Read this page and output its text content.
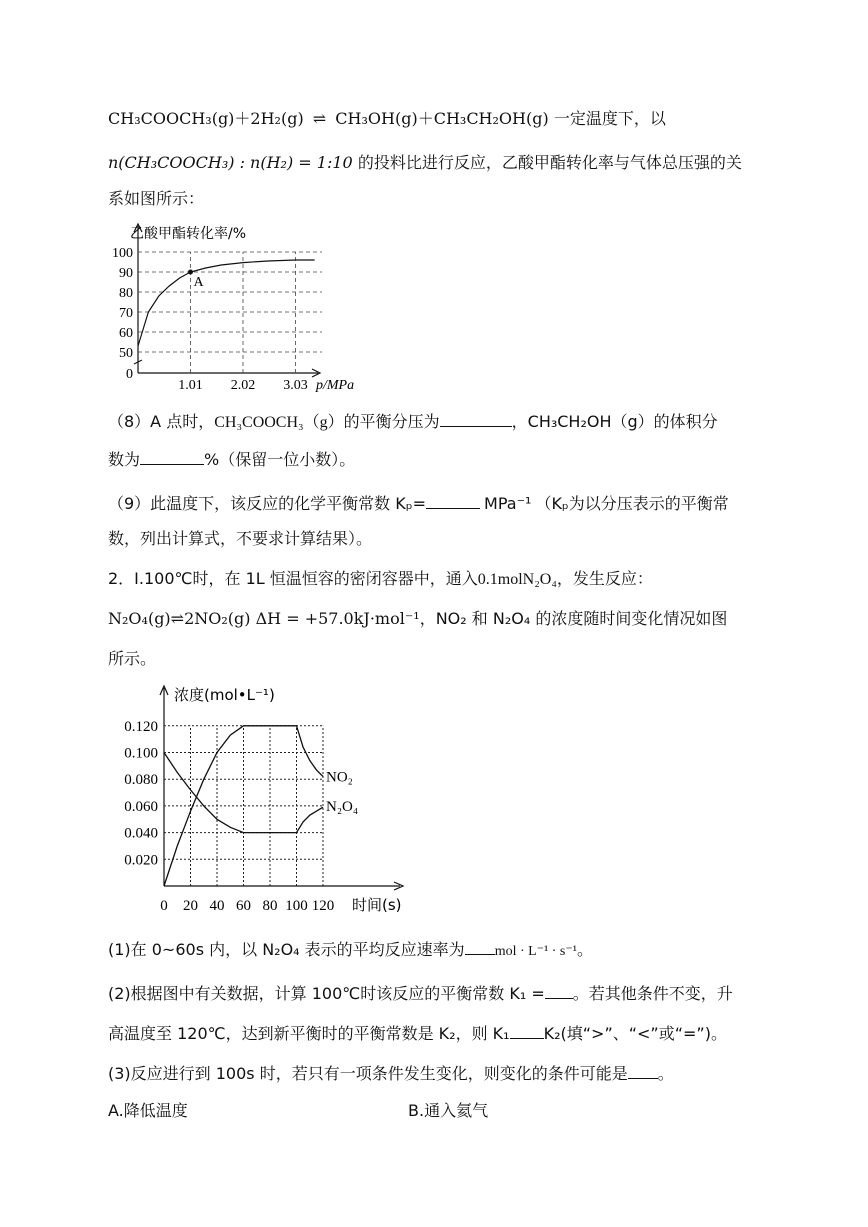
CH₃COOCH₃(g)＋2H₂(g) ⇌ CH₃OH(g)＋CH₃CH₂OH(g) 一定温度下，以
n(CH₃COOCH₃) : n(H₂) = 1:10 的投料比进行反应，乙酸甲酯转化率与气体总压强的关
系如图所示：
0
50
60
70
80
90
100
1.01 2.02 3.03
乙酸甲酯转化率/%
p/MPa
A
（8）A 点时，CH₃COOCH₃（g）的平衡分压为	，CH₃CH₂OH（g）的体积分
数为	%（保留一位小数）。
（9）此温度下，该反应的化学平衡常数 Kₚ=	MPa⁻¹ （Kₚ为以分压表示的平衡常
数，列出计算式，不要求计算结果）。
2．Ⅰ.100℃时，在 1L 恒温恒容的密闭容器中，通入0.1molN₂O₄，发生反应：
N₂O₄(g)⇌2NO₂(g) ΔH = +57.0kJ·mol⁻¹，NO₂ 和 N₂O₄ 的浓度随时间变化情况如图
所示。
0.020
0.040
0.060
0.080
0.100
0.120
0 20 40 60 80 100 120
浓度(mol•L⁻¹)
时间(s)
NO₂
N₂O₄
(1)在 0~60s 内，以 N₂O₄ 表示的平均反应速率为 mol · L⁻¹ · s⁻¹。
(2)根据图中有关数据，计算 100℃时该反应的平衡常数 K₁ = 。若其他条件不变，升
高温度至 120℃，达到新平衡时的平衡常数是 K₂，则 K₁ K₂(填“>”、“<”或“=”)。
(3)反应进行到 100s 时，若只有一项条件发生变化，则变化的条件可能是 。
A.降低温度	B.通入氦气
